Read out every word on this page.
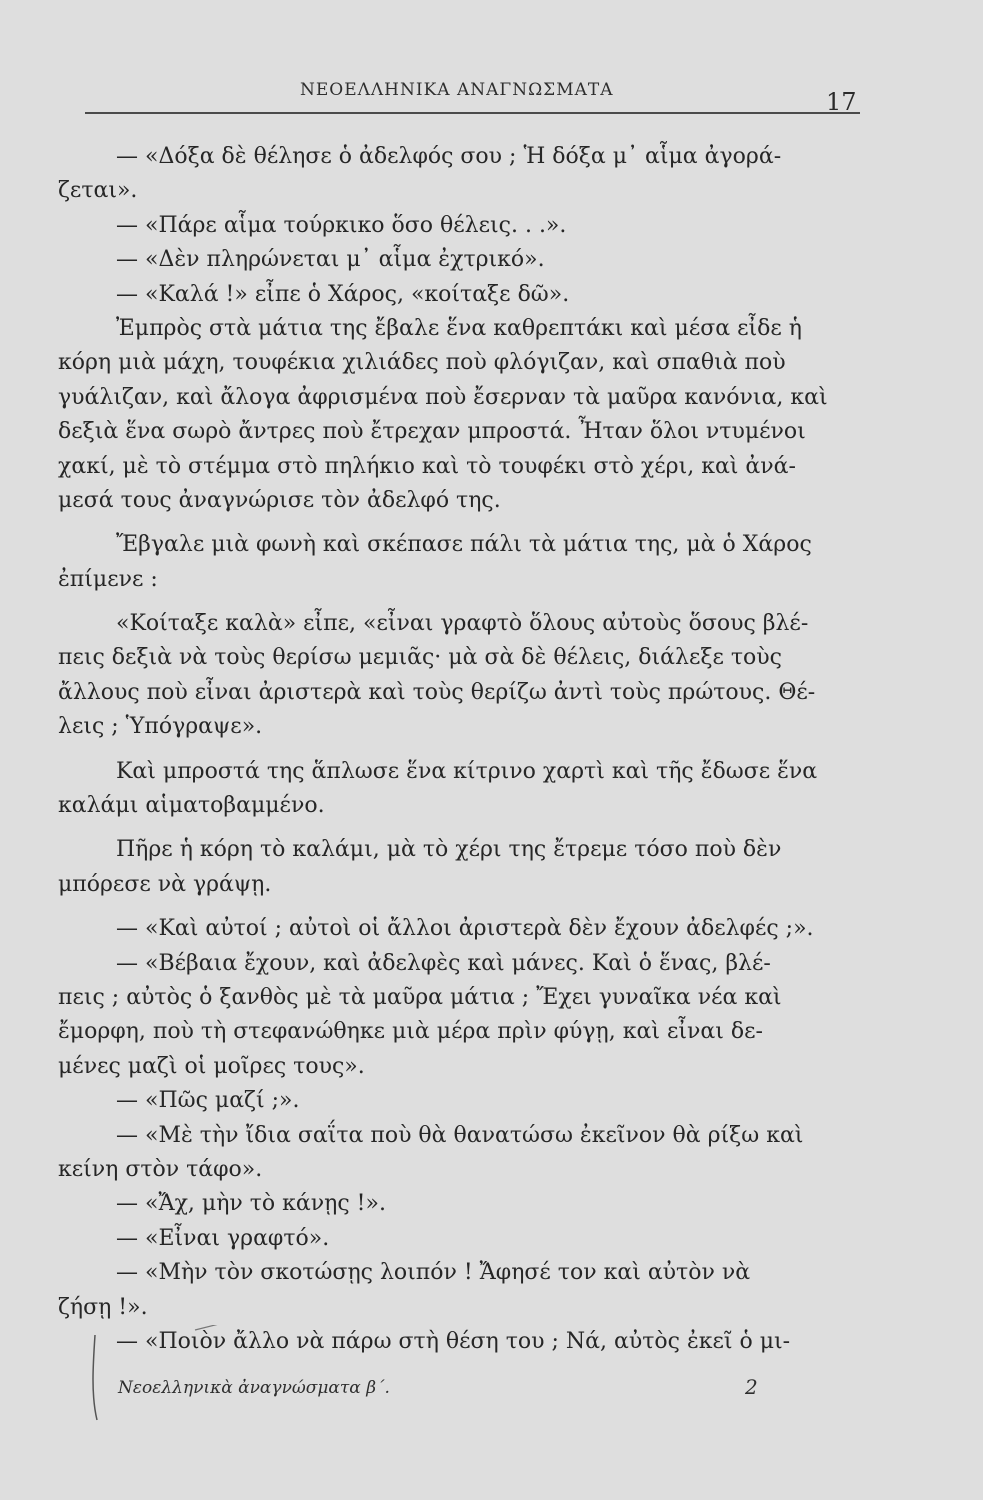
ΝΕΟΕΛΛΗΝΙΚΑ ΑΝΑΓΝΩΣΜΑΤΑ	17
— «Δόξα δὲ θέλησε ὁ ἀδελφός σου ; Ἡ δόξα μ᾽ αἷμα ἀγορά-
ζεται».
— «Πάρε αἷμα τούρκικο ὅσο θέλεις. . .».
— «Δὲν πληρώνεται μ᾽ αἷμα ἐχτρικό».
— «Καλά !» εἶπε ὁ Χάρος, «κοίταξε δῶ».
Ἐμπρὸς στὰ μάτια της ἔβαλε ἕνα καθρεπτάκι καὶ μέσα εἶδε ἡ
κόρη μιὰ μάχη, τουφέκια χιλιάδες ποὺ φλόγιζαν, καὶ σπαθιὰ ποὺ
γυάλιζαν, καὶ ἄλογα ἀφρισμένα ποὺ ἔσερναν τὰ μαῦρα κανόνια, καὶ
δεξιὰ ἕνα σωρὸ ἄντρες ποὺ ἔτρεχαν μπροστά. Ἦταν ὅλοι ντυμένοι
χακί, μὲ τὸ στέμμα στὸ πηλήκιο καὶ τὸ τουφέκι στὸ χέρι, καὶ ἀνά-
μεσά τους ἀναγνώρισε τὸν ἀδελφό της.
Ἔβγαλε μιὰ φωνὴ καὶ σκέπασε πάλι τὰ μάτια της, μὰ ὁ Χάρος
ἐπίμενε :
«Κοίταξε καλὰ» εἶπε, «εἶναι γραφτὸ ὅλους αὐτοὺς ὅσους βλέ-
πεις δεξιὰ νὰ τοὺς θερίσω μεμιᾶς· μὰ σὰ δὲ θέλεις, διάλεξε τοὺς
ἄλλους ποὺ εἶναι ἀριστερὰ καὶ τοὺς θερίζω ἀντὶ τοὺς πρώτους. Θέ-
λεις ; Ὑπόγραψε».
Καὶ μπροστά της ἅπλωσε ἕνα κίτρινο χαρτὶ καὶ τῆς ἔδωσε ἕνα
καλάμι αἱματοβαμμένο.
Πῆρε ἡ κόρη τὸ καλάμι, μὰ τὸ χέρι της ἔτρεμε τόσο ποὺ δὲν
μπόρεσε νὰ γράψῃ.
— «Καὶ αὐτοί ; αὐτοὶ οἱ ἄλλοι ἀριστερὰ δὲν ἔχουν ἀδελφές ;».
— «Βέβαια ἔχουν, καὶ ἀδελφὲς καὶ μάνες. Καὶ ὁ ἕνας, βλέ-
πεις ; αὐτὸς ὁ ξανθὸς μὲ τὰ μαῦρα μάτια ; Ἔχει γυναῖκα νέα καὶ
ἔμορφη, ποὺ τὴ στεφανώθηκε μιὰ μέρα πρὶν φύγῃ, καὶ εἶναι δε-
μένες μαζὶ οἱ μοῖρες τους».
— «Πῶς μαζί ;».
— «Μὲ τὴν ἴδια σαΐτα ποὺ θὰ θανατώσω ἐκεῖνον θὰ ρίξω καὶ
κείνη στὸν τάφο».
— «Ἄχ, μὴν τὸ κάνῃς !».
— «Εἶναι γραφτό».
— «Μὴν τὸν σκοτώσῃς λοιπόν ! Ἄφησέ τον καὶ αὐτὸν νὰ
ζήσῃ !».
— «Ποιὸν ἄλλο νὰ πάρω στὴ θέση του ; Νά, αὐτὸς ἐκεῖ ὁ μι-
Νεοελληνικὰ ἀναγνώσματα β΄.	2
